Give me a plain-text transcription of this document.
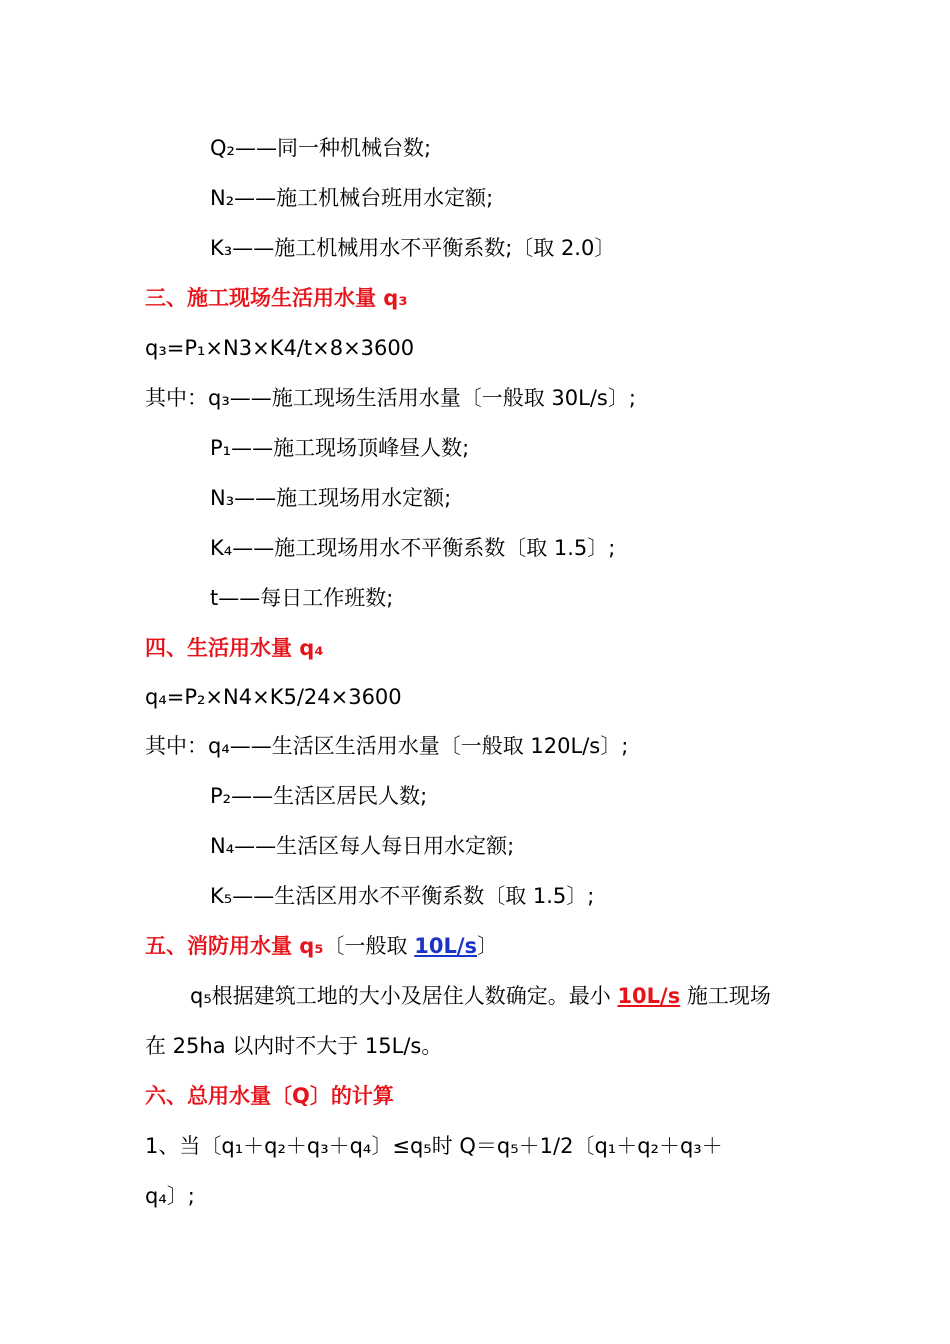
Q₂——同一种机械台数;
N₂——施工机械台班用水定额;
K₃——施工机械用水不平衡系数;〔取 2.0〕
三、施工现场生活用水量 q₃
q₃=P₁×N3×K4/t×8×3600
其中：q₃——施工现场生活用水量〔一般取 30L/s〕;
P₁——施工现场顶峰昼人数;
N₃——施工现场用水定额;
K₄——施工现场用水不平衡系数〔取 1.5〕;
t——每日工作班数;
四、生活用水量 q₄
q₄=P₂×N4×K5/24×3600
其中：q₄——生活区生活用水量〔一般取 120L/s〕;
P₂——生活区居民人数;
N₄——生活区每人每日用水定额;
K₅——生活区用水不平衡系数〔取 1.5〕;
五、消防用水量 q₅〔一般取 10L/s〕
q₅根据建筑工地的大小及居住人数确定。最小 10L/s 施工现场
在 25ha 以内时不大于 15L/s。
六、总用水量〔Q〕的计算
1、当〔q₁＋q₂＋q₃＋q₄〕≤q₅时 Q＝q₅＋1/2〔q₁＋q₂＋q₃＋
q₄〕;
